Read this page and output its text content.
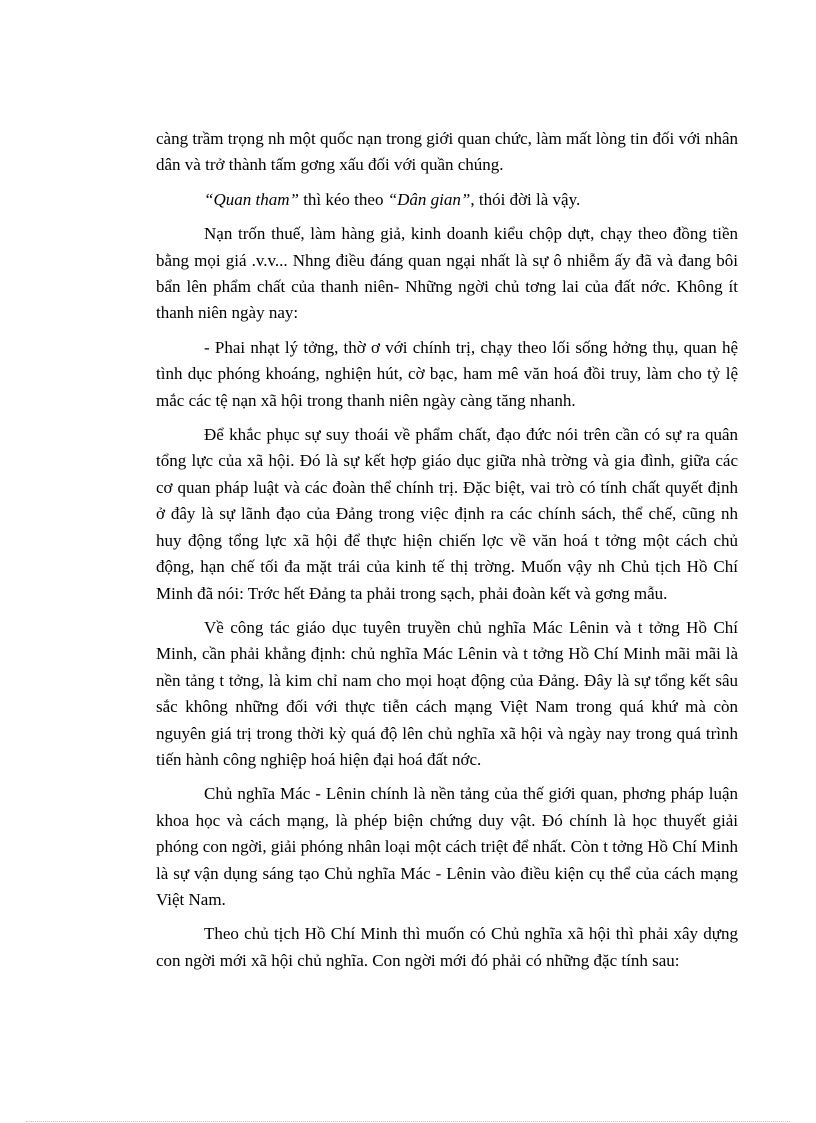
càng trầm trọng nh một quốc nạn trong giới quan chức, làm mất lòng tin đối với nhân dân và trở thành tấm gơng xấu đối với quần chúng.

“Quan tham” thì kéo theo “Dân gian”, thói đời là vậy.

Nạn trốn thuế, làm hàng giả, kinh doanh kiểu chộp dựt, chạy theo đồng tiền bằng mọi giá .v.v... Nhng điều đáng quan ngại nhất là sự ô nhiễm ấy đã và đang bôi bẩn lên phẩm chất của thanh niên- Những ngời chủ tơng lai của đất nớc. Không ít thanh niên ngày nay:

- Phai nhạt lý tởng, thờ ơ với chính trị, chạy theo lối sống hởng thụ, quan hệ tình dục phóng khoáng, nghiện hút, cờ bạc, ham mê văn hoá đồi truy, làm cho tỷ lệ mắc các tệ nạn xã hội trong thanh niên ngày càng tăng nhanh.

Để khắc phục sự suy thoái về phẩm chất, đạo đức nói trên cần có sự ra quân tổng lực của xã hội. Đó là sự kết hợp giáo dục giữa nhà trờng và gia đình, giữa các cơ quan pháp luật và các đoàn thể chính trị. Đặc biệt, vai trò có tính chất quyết định ở đây là sự lãnh đạo của Đảng trong việc định ra các chính sách, thể chế, cũng nh huy động tổng lực xã hội để thực hiện chiến lợc về văn hoá t tởng một cách chủ động, hạn chế tối đa mặt trái của kinh tế thị trờng. Muốn vậy nh Chủ tịch Hồ Chí Minh đã nói: Trớc hết Đảng ta phải trong sạch, phải đoàn kết và gơng mẫu.

Về công tác giáo dục tuyên truyền chủ nghĩa Mác Lênin và t tởng Hồ Chí Minh, cần phải khẳng định: chủ nghĩa Mác Lênin và t tởng Hồ Chí Minh mãi mãi là nền tảng t tởng, là kim chỉ nam cho mọi hoạt động của Đảng. Đây là sự tổng kết sâu sắc không những đối với thực tiễn cách mạng Việt Nam trong quá khứ mà còn nguyên giá trị trong thời kỳ quá độ lên chủ nghĩa xã hội và ngày nay trong quá trình tiến hành công nghiệp hoá hiện đại hoá đất nớc.

Chủ nghĩa Mác - Lênin chính là nền tảng của thế giới quan, phơng pháp luận khoa học và cách mạng, là phép biện chứng duy vật. Đó chính là học thuyết giải phóng con ngời, giải phóng nhân loại một cách triệt để nhất. Còn t tởng Hồ Chí Minh là sự vận dụng sáng tạo Chủ nghĩa Mác - Lênin vào điều kiện cụ thể của cách mạng Việt Nam.

Theo chủ tịch Hồ Chí Minh thì muốn có Chủ nghĩa xã hội thì phải xây dựng con ngời mới xã hội chủ nghĩa. Con ngời mới đó phải có những đặc tính sau:
